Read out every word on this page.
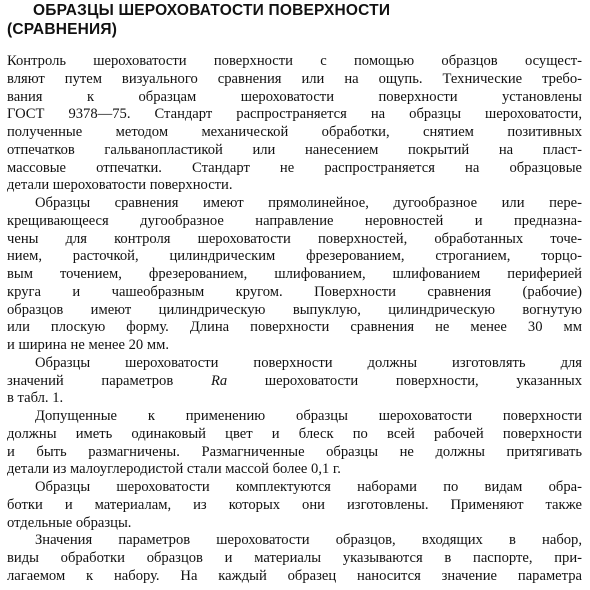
ОБРАЗЦЫ ШЕРОХОВАТОСТИ ПОВЕРХНОСТИ
(СРАВНЕНИЯ)
Контроль шероховатости поверхности с помощью образцов осущест-
вляют путем визуального сравнения или на ощупь. Технические требо-
вания к образцам шероховатости поверхности установлены
ГОСТ 9378—75. Стандарт распространяется на образцы шероховатости,
полученные методом механической обработки, снятием позитивных
отпечатков гальванопластикой или нанесением покрытий на пласт-
массовые отпечатки. Стандарт не распространяется на образцовые
детали шероховатости поверхности.
Образцы сравнения имеют прямолинейное, дугообразное или пере-
крещивающееся дугообразное направление неровностей и предназна-
чены для контроля шероховатости поверхностей, обработанных точе-
нием, расточкой, цилиндрическим фрезерованием, строганием, торцо-
вым точением, фрезерованием, шлифованием, шлифованием периферией
круга и чашеобразным кругом. Поверхности сравнения (рабочие)
образцов имеют цилиндрическую выпуклую, цилиндрическую вогнутую
или плоскую форму. Длина поверхности сравнения не менее 30 мм
и ширина не менее 20 мм.
Образцы шероховатости поверхности должны изготовлять для
значений параметров Ra шероховатости поверхности, указанных
в табл. 1.
Допущенные к применению образцы шероховатости поверхности
должны иметь одинаковый цвет и блеск по всей рабочей поверхности
и быть размагничены. Размагниченные образцы не должны притягивать
детали из малоуглеродистой стали массой более 0,1 г.
Образцы шероховатости комплектуются наборами по видам обра-
ботки и материалам, из которых они изготовлены. Применяют также
отдельные образцы.
Значения параметров шероховатости образцов, входящих в набор,
виды обработки образцов и материалы указываются в паспорте, при-
лагаемом к набору. На каждый образец наносится значение параметра
